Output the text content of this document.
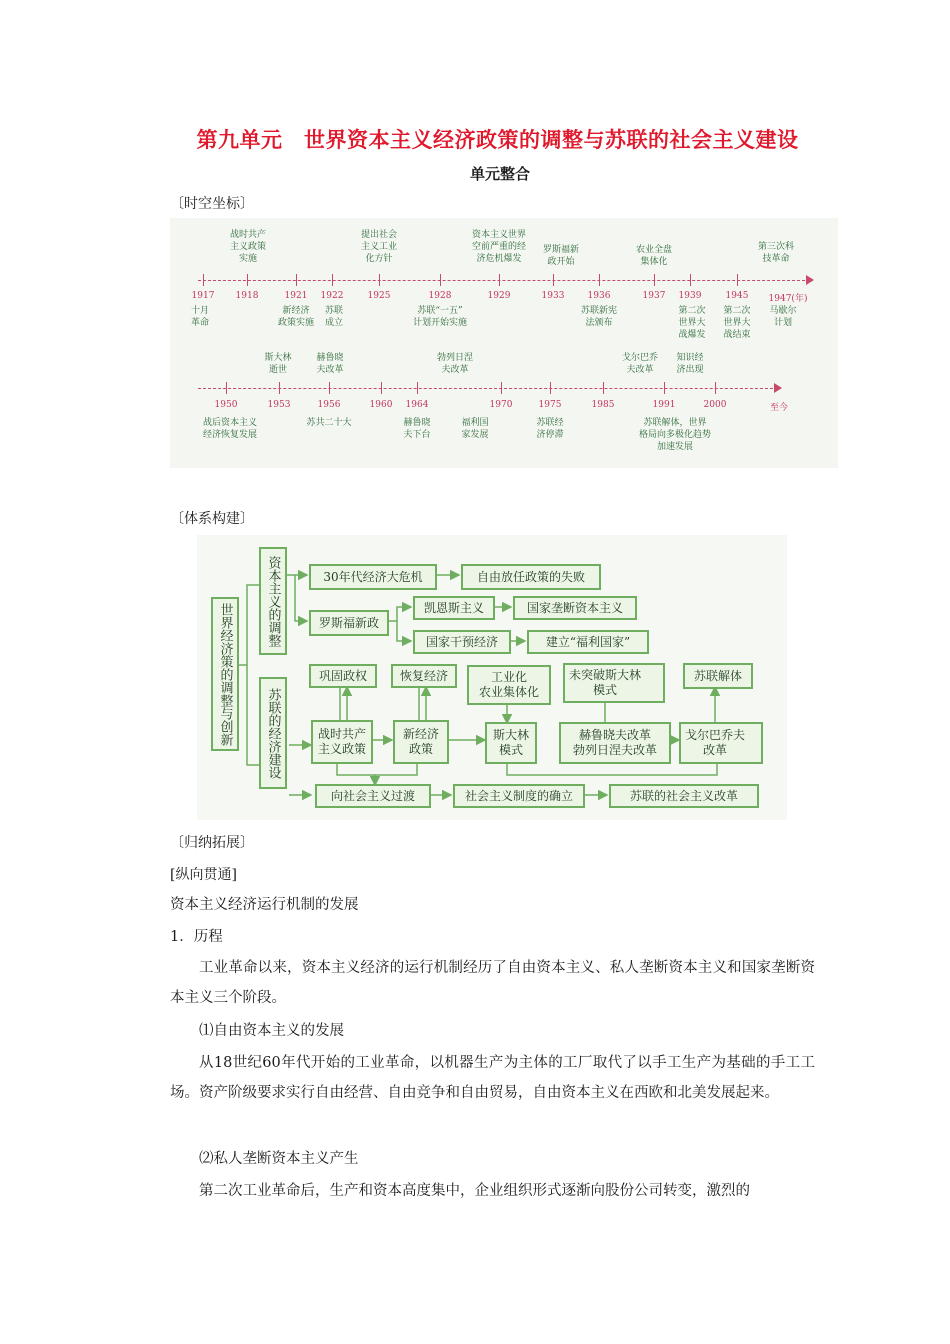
第九单元　世界资本主义经济政策的调整与苏联的社会主义建设
单元整合
〔时空坐标〕
1917 1918	1921 1922	1925	1928	1929	1933	1936	1937 1939	1945 1947(年)
战时共产
主义政策
实施
提出社会
主义工业
化方针
资本主义世界
空前严重的经
济危机爆发
罗斯福新
政开始
农业全盘
集体化
第三次科
技革命
十月
革命
新经济
政策实施
苏联
成立
苏联“一五”
计划开始实施
苏联新宪
法颁布
第二次
世界大
战爆发
第二次
世界大
战结束
马歇尔
计划
1950	1953	1956	1960 1964	1970	1975	1985	1991	2000	至今
斯大林
逝世
赫鲁晓
夫改革
勃列日涅
夫改革
戈尔巴乔
夫改革
知识经
济出现
战后资本主义
经济恢复发展
苏共二十大	赫鲁晓
夫下台
福利国
家发展
苏联经
济停滞
苏联解体，世界
格局向多极化趋势
加速发展
〔体系构建〕
世界经济策的调整与创新
资本主义的调整
苏联的经济建设
30年代经济大危机	自由放任政策的失败
罗斯福新政
凯恩斯主义	国家垄断资本主义
国家干预经济	建立“福利国家”
巩固政权	恢复经济	工业化
农业集体化
未突破斯大林
模式
苏联解体
战时共产
主义政策
新经济
政策
斯大林
模式
赫鲁晓夫改革
勃列日涅夫改革
戈尔巴乔夫
改革
向社会主义过渡	社会主义制度的确立	苏联的社会主义改革
〔归纳拓展〕
[纵向贯通]
资本主义经济运行机制的发展
1．历程
工业革命以来，资本主义经济的运行机制经历了自由资本主义、私人垄断资本主义和国家垄断资本主义三个阶段。
⑴自由资本主义的发展
从18世纪60年代开始的工业革命，以机器生产为主体的工厂取代了以手工生产为基础的手工工场。资产阶级要求实行自由经营、自由竞争和自由贸易，自由资本主义在西欧和北美发展起来。
⑵私人垄断资本主义产生
第二次工业革命后，生产和资本高度集中，企业组织形式逐渐向股份公司转变，激烈的
